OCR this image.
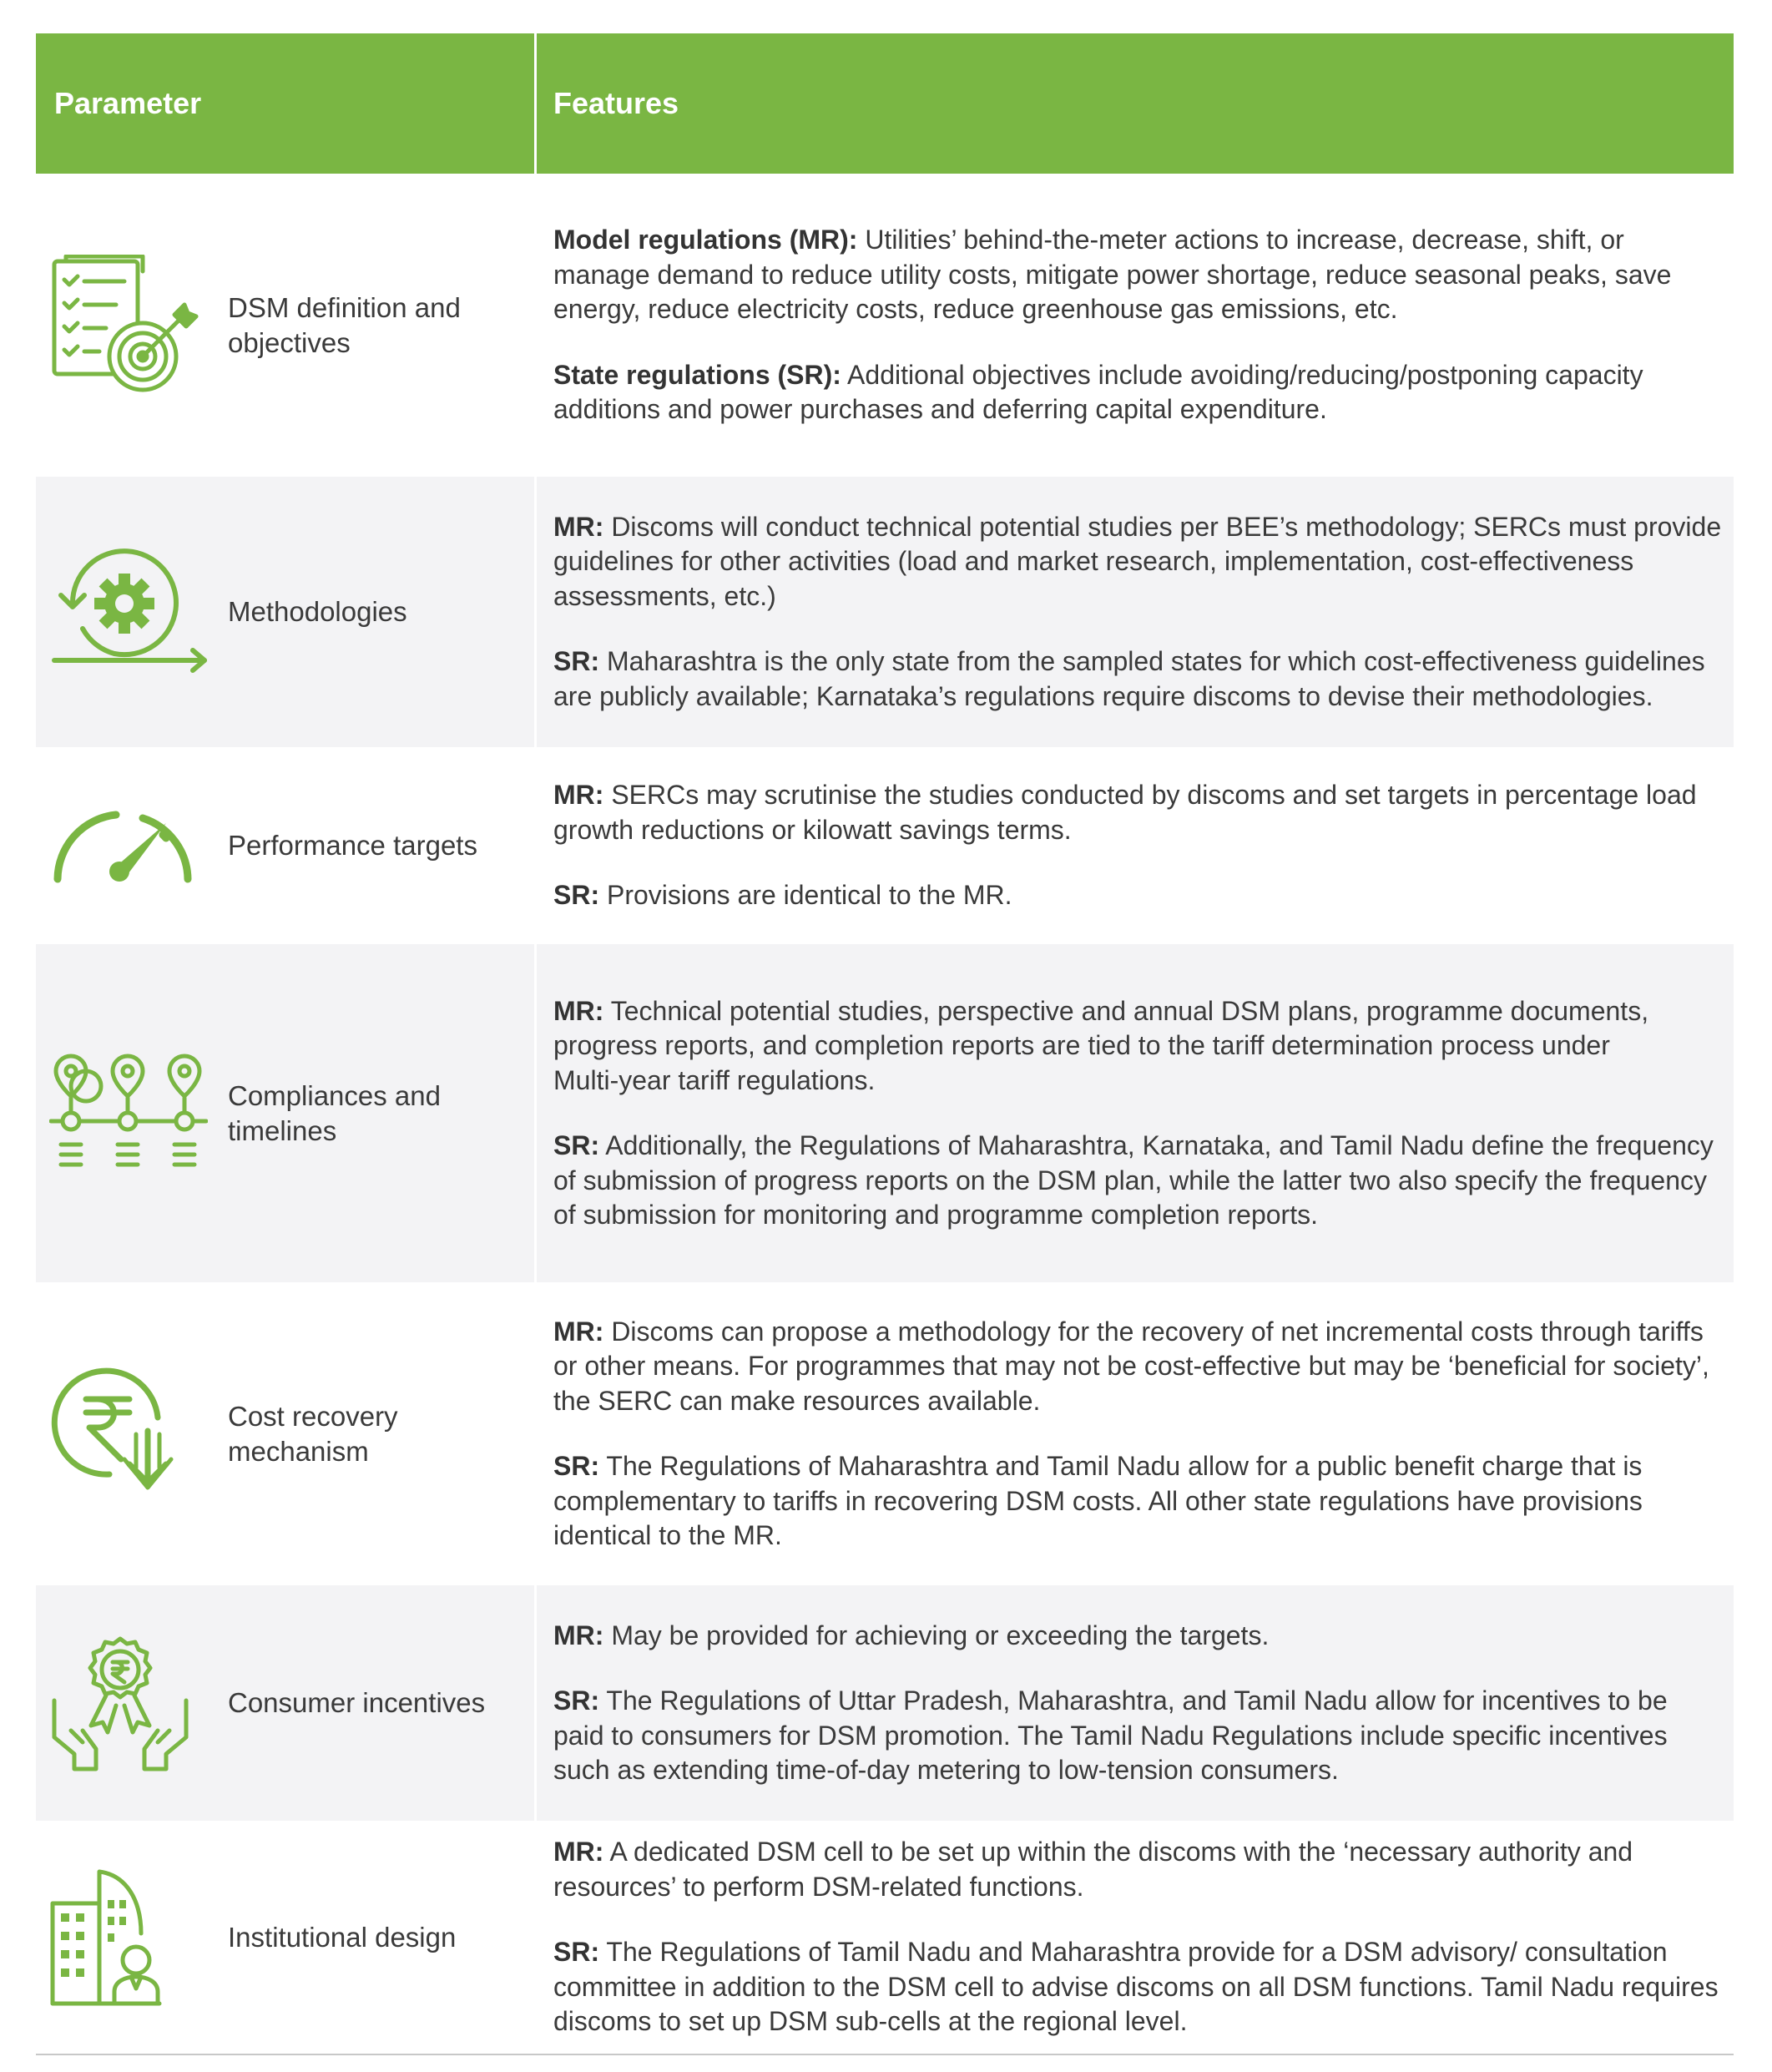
Parameter	Features
DSM definition and objectives

Model regulations (MR): Utilities’ behind-the-meter actions to increase, decrease, shift, or manage demand to reduce utility costs, mitigate power shortage, reduce seasonal peaks, save energy, reduce electricity costs, reduce greenhouse gas emissions, etc.

State regulations (SR): Additional objectives include avoiding/reducing/postponing capacity additions and power purchases and deferring capital expenditure.

Methodologies

MR: Discoms will conduct technical potential studies per BEE’s methodology; SERCs must provide guidelines for other activities (load and market research, implementation, cost-effectiveness assessments, etc.)

SR: Maharashtra is the only state from the sampled states for which cost-effectiveness guidelines are publicly available; Karnataka’s regulations require discoms to devise their methodologies.

Performance targets

MR: SERCs may scrutinise the studies conducted by discoms and set targets in percentage load growth reductions or kilowatt savings terms.

SR: Provisions are identical to the MR.

Compliances and timelines

MR: Technical potential studies, perspective and annual DSM plans, programme documents, progress reports, and completion reports are tied to the tariff determination process under
Multi-year tariff regulations.

SR: Additionally, the Regulations of Maharashtra, Karnataka, and Tamil Nadu define the frequency of submission of progress reports on the DSM plan, while the latter two also specify the frequency of submission for monitoring and programme completion reports.

Cost recovery mechanism

MR: Discoms can propose a methodology for the recovery of net incremental costs through tariffs or other means. For programmes that may not be cost-effective but may be ‘beneficial for society’, the SERC can make resources available.

SR: The Regulations of Maharashtra and Tamil Nadu allow for a public benefit charge that is complementary to tariffs in recovering DSM costs. All other state regulations have provisions identical to the MR.

Consumer incentives

MR: May be provided for achieving or exceeding the targets.

SR: The Regulations of Uttar Pradesh, Maharashtra, and Tamil Nadu allow for incentives to be paid to consumers for DSM promotion. The Tamil Nadu Regulations include specific incentives such as extending time-of-day metering to low-tension consumers.

Institutional design

MR: A dedicated DSM cell to be set up within the discoms with the ‘necessary authority and resources’ to perform DSM-related functions.

SR: The Regulations of Tamil Nadu and Maharashtra provide for a DSM advisory/ consultation committee in addition to the DSM cell to advise discoms on all DSM functions. Tamil Nadu requires discoms to set up DSM sub-cells at the regional level.
